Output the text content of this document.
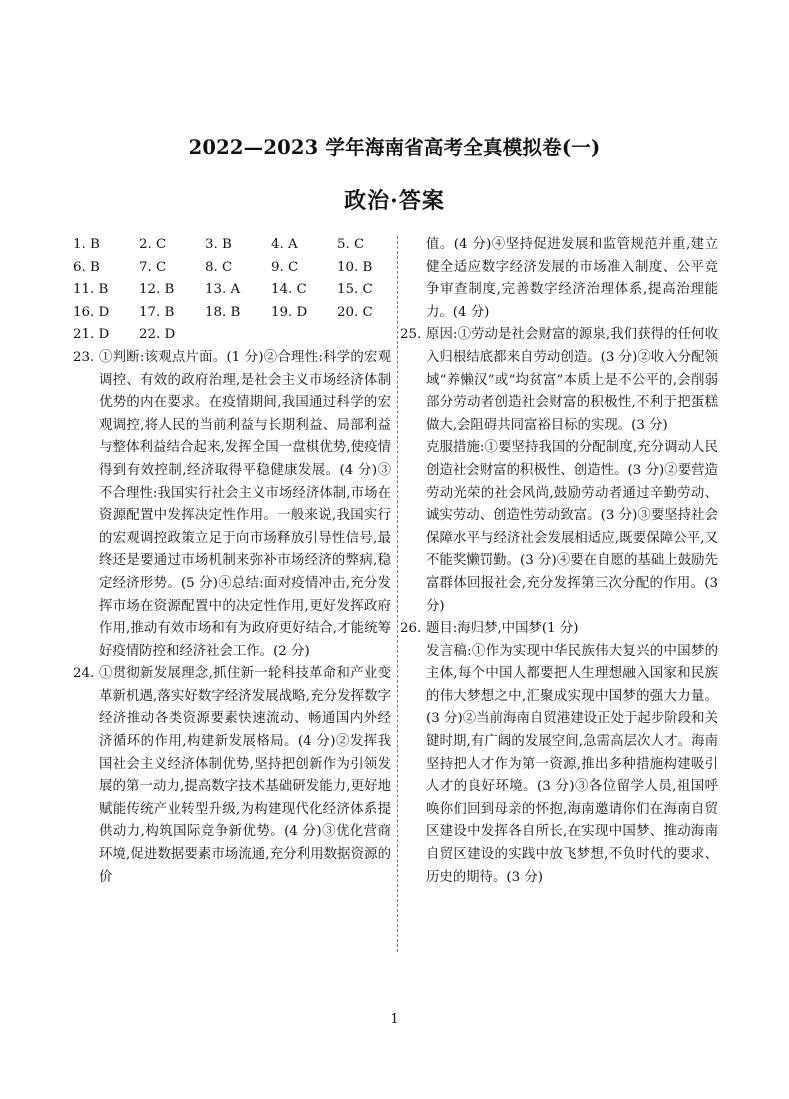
2022—2023 学年海南省高考全真模拟卷(一)
政治·答案
1. B	2. C	3. B	4. A	5. C
6. B	7. C	8. C	9. C	10. B
11. B	12. B	13. A	14. C	15. C
16. D	17. B	18. B	19. D	20. C
21. D	22. D
23. ①判断:该观点片面。(1 分)②合理性:科学的宏观调控、有效的政府治理,是社会主义市场经济体制优势的内在要求。在疫情期间,我国通过科学的宏观调控,将人民的当前利益与长期利益、局部利益与整体利益结合起来,发挥全国一盘棋优势,使疫情得到有效控制,经济取得平稳健康发展。(4 分)③不合理性:我国实行社会主义市场经济体制,市场在资源配置中发挥决定性作用。一般来说,我国实行的宏观调控政策立足于向市场释放引导性信号,最终还是要通过市场机制来弥补市场经济的弊病,稳定经济形势。(5 分)④总结:面对疫情冲击,充分发挥市场在资源配置中的决定性作用,更好发挥政府作用,推动有效市场和有为政府更好结合,才能统筹好疫情防控和经济社会工作。(2 分)

24. ①贯彻新发展理念,抓住新一轮科技革命和产业变革新机遇,落实好数字经济发展战略,充分发挥数字经济推动各类资源要素快速流动、畅通国内外经济循环的作用,构建新发展格局。(4 分)②发挥我国社会主义经济体制优势,坚持把创新作为引领发展的第一动力,提高数字技术基础研发能力,更好地赋能传统产业转型升级,为构建现代化经济体系提供动力,构筑国际竞争新优势。(4 分)③优化营商环境,促进数据要素市场流通,充分利用数据资源的价

值。(4 分)④坚持促进发展和监管规范并重,建立健全适应数字经济发展的市场准入制度、公平竞争审查制度,完善数字经济治理体系,提高治理能力。(4 分)

25. 原因:①劳动是社会财富的源泉,我们获得的任何收入归根结底都来自劳动创造。(3 分)②收入分配领域“养懒汉”或“均贫富”本质上是不公平的,会削弱部分劳动者创造社会财富的积极性,不利于把蛋糕做大,会阻碍共同富裕目标的实现。(3 分)

克服措施:①要坚持我国的分配制度,充分调动人民创造社会财富的积极性、创造性。(3 分)②要营造劳动光荣的社会风尚,鼓励劳动者通过辛勤劳动、诚实劳动、创造性劳动致富。(3 分)③要坚持社会保障水平与经济社会发展相适应,既要保障公平,又不能奖懒罚勤。(3 分)④要在自愿的基础上鼓励先富群体回报社会,充分发挥第三次分配的作用。(3 分)

26. 题目:海归梦,中国梦(1 分)

发言稿:①作为实现中华民族伟大复兴的中国梦的主体,每个中国人都要把人生理想融入国家和民族的伟大梦想之中,汇聚成实现中国梦的强大力量。(3 分)②当前海南自贸港建设正处于起步阶段和关键时期,有广阔的发展空间,急需高层次人才。海南坚持把人才作为第一资源,推出多种措施构建吸引人才的良好环境。(3 分)③各位留学人员,祖国呼唤你们回到母亲的怀抱,海南邀请你们在海南自贸区建设中发挥各自所长,在实现中国梦、推动海南自贸区建设的实践中放飞梦想,不负时代的要求、历史的期待。(3 分)

1
